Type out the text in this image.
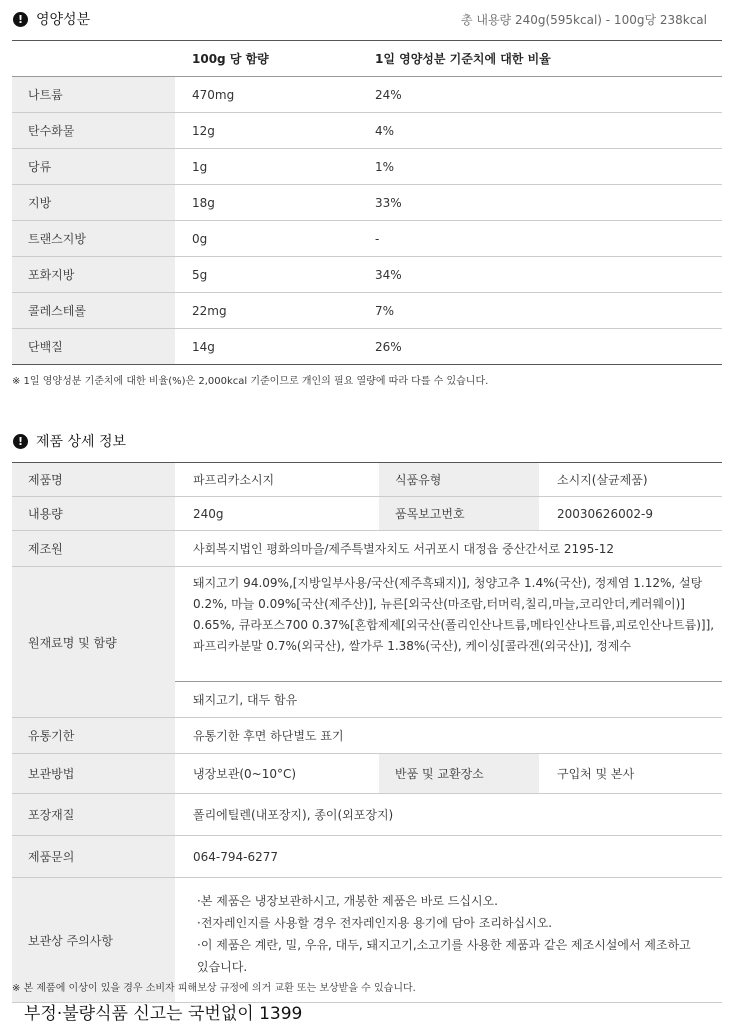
! 영양성분	총 내용량 240g(595kcal) - 100g당 238kcal
	100g 당 함량	1일 영양성분 기준치에 대한 비율
나트륨	470mg	24%
탄수화물	12g	4%
당류	1g	1%
지방	18g	33%
트랜스지방	0g	-
포화지방	5g	34%
콜레스테롤	22mg	7%
단백질	14g	26%
※ 1일 영양성분 기준치에 대한 비율(%)은 2,000kcal 기준이므로 개인의 필요 열량에 따라 다를 수 있습니다.
! 제품 상세 정보
제품명	파프리카소시지	식품유형	소시지(살균제품)
내용량	240g	품목보고번호	20030626002-9
제조원	사회복지법인 평화의마을/제주특별자치도 서귀포시 대정읍 중산간서로 2195-12		
원재료명 및 함량	돼지고기 94.09%,[지방일부사용/국산(제주흑돼지)], 청양고추 1.4%(국산), 정제염 1.12%, 설탕
0.2%, 마늘 0.09%[국산(제주산)], 뉴른[외국산(마조람,터머릭,칠리,마늘,코리안더,케러웨이)]
0.65%, 큐라포스700 0.37%[혼합제제[외국산(폴리인산나트륨,메타인산나트륨,피로인산나트륨)]],
파프리카분말 0.7%(외국산), 쌀가루 1.38%(국산), 케이싱[콜라겐(외국산)], 정제수		

	돼지고기, 대두 함유		
유통기한	유통기한 후면 하단별도 표기		
보관방법	냉장보관(0~10°C)	반품 및 교환장소	구입처 및 본사
포장재질	폴리에틸렌(내포장지), 종이(외포장지)		
제품문의	064-794-6277		
보관상 주의사항	·본 제품은 냉장보관하시고, 개봉한 제품은 바로 드십시오.
·전자레인지를 사용할 경우 전자레인지용 용기에 담아 조리하십시오.
·이 제품은 계란, 밀, 우유, 대두, 돼지고기,소고기를 사용한 제품과 같은 제조시설에서 제조하고
있습니다.		
※ 본 제품에 이상이 있을 경우 소비자 피해보상 규정에 의거 교환 또는 보상받을 수 있습니다.
부정·불량식품 신고는 국번없이 1399
